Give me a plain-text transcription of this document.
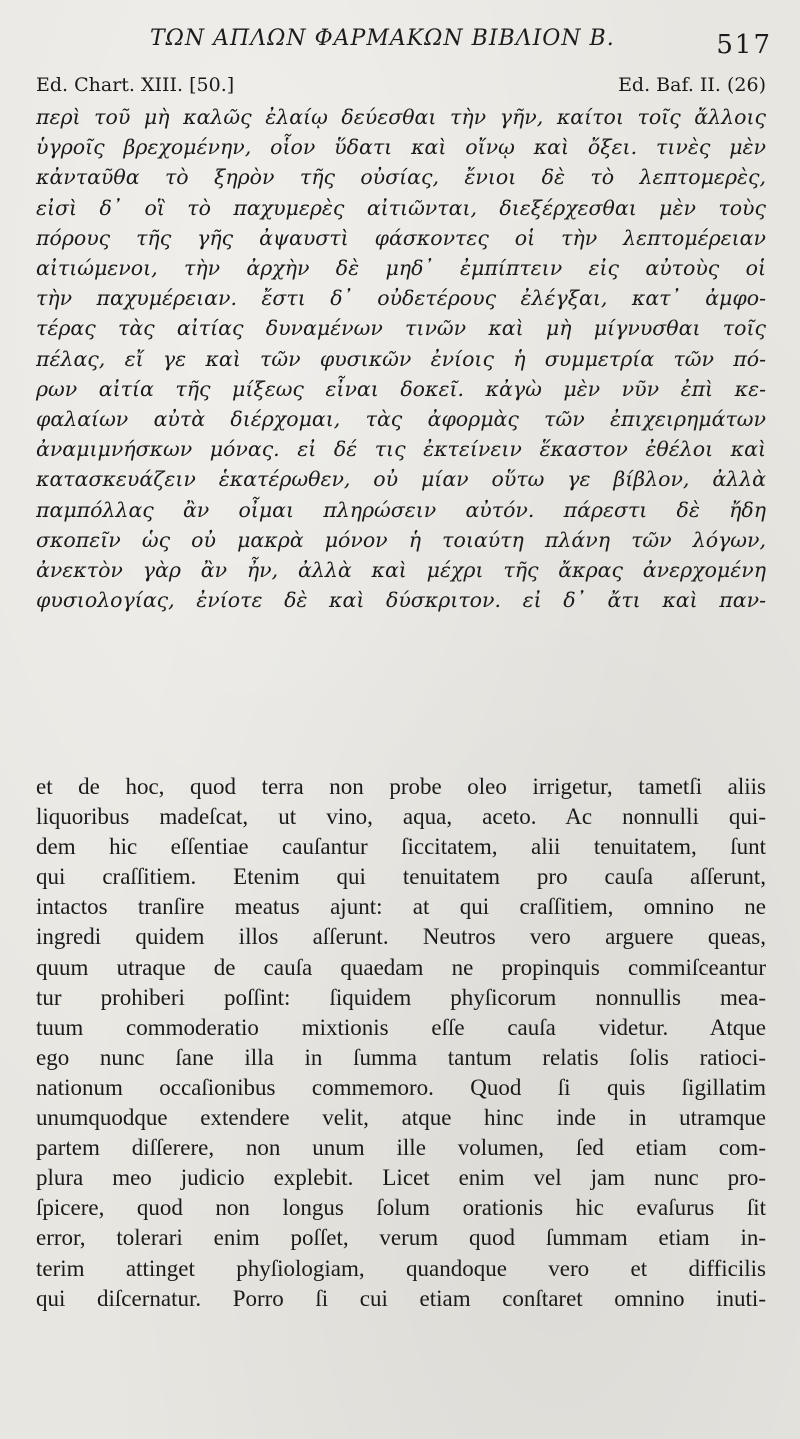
ΤΩΝ ΑΠΛΩΝ ΦΑΡΜΑΚΩΝ ΒΙΒΛΙΟΝ Β.	517
Ed. Chart. XIII. [50.]	Ed. Baf. II. (26)
περὶ τοῦ μὴ καλῶς ἐλαίῳ δεύεσθαι τὴν γῆν, καίτοι τοῖς ἄλλοις
ὑγροῖς βρεχομένην, οἷον ὕδατι καὶ οἴνῳ καὶ ὄξει. τινὲς μὲν
κἀνταῦθα τὸ ξηρὸν τῆς οὐσίας, ἔνιοι δὲ τὸ λεπτομερὲς,
εἰσὶ δ᾽ οἳ τὸ παχυμερὲς αἰτιῶνται, διεξέρχεσθαι μὲν τοὺς
πόρους τῆς γῆς ἀψαυστὶ φάσκοντες οἱ τὴν λεπτομέρειαν
αἰτιώμενοι, τὴν ἀρχὴν δὲ μηδ᾽ ἐμπίπτειν εἰς αὐτοὺς οἱ
τὴν παχυμέρειαν. ἔστι δ᾽ οὐδετέρους ἐλέγξαι, κατ᾽ ἀμφο-
τέρας τὰς αἰτίας δυναμένων τινῶν καὶ μὴ μίγνυσθαι τοῖς
πέλας, εἴ γε καὶ τῶν φυσικῶν ἐνίοις ἡ συμμετρία τῶν πό-
ρων αἰτία τῆς μίξεως εἶναι δοκεῖ. κἀγὼ μὲν νῦν ἐπὶ κε-
φαλαίων αὐτὰ διέρχομαι, τὰς ἀφορμὰς τῶν ἐπιχειρημάτων
ἀναμιμνήσκων μόνας. εἰ δέ τις ἐκτείνειν ἕκαστον ἐθέλοι καὶ
κατασκευάζειν ἑκατέρωθεν, οὐ μίαν οὕτω γε βίβλον, ἀλλὰ
παμπόλλας ἂν οἶμαι πληρώσειν αὐτόν. πάρεστι δὲ ἤδη
σκοπεῖν ὡς οὐ μακρὰ μόνον ἡ τοιαύτη πλάνη τῶν λόγων,
ἀνεκτὸν γὰρ ἂν ἦν, ἀλλὰ καὶ μέχρι τῆς ἄκρας ἀνερχομένη
φυσιολογίας, ἐνίοτε δὲ καὶ δύσκριτον. εἰ δ᾽ ἄτι καὶ παν-
et de hoc, quod terra non probe oleo irrigetur, tametſi aliis
liquoribus madeſcat, ut vino, aqua, aceto. Ac nonnulli qui-
dem hic eſſentiae cauſantur ſiccitatem, alii tenuitatem, ſunt
qui craſſitiem. Etenim qui tenuitatem pro cauſa aſſerunt,
intactos tranſire meatus ajunt: at qui craſſitiem, omnino ne
ingredi quidem illos aſſerunt. Neutros vero arguere queas,
quum utraque de cauſa quaedam ne propinquis commiſceantur
tur prohiberi poſſint: ſiquidem phyſicorum nonnullis mea-
tuum commoderatio mixtionis eſſe cauſa videtur. Atque
ego nunc ſane illa in ſumma tantum relatis ſolis ratioci-
nationum occaſionibus commemoro. Quod ſi quis ſigillatim
unumquodque extendere velit, atque hinc inde in utramque
partem diſſerere, non unum ille volumen, ſed etiam com-
plura meo judicio explebit. Licet enim vel jam nunc pro-
ſpicere, quod non longus ſolum orationis hic evaſurus ſit
error, tolerari enim poſſet, verum quod ſummam etiam in-
terim attinget phyſiologiam, quandoque vero et difficilis
qui diſcernatur. Porro ſi cui etiam conſtaret omnino inuti-
